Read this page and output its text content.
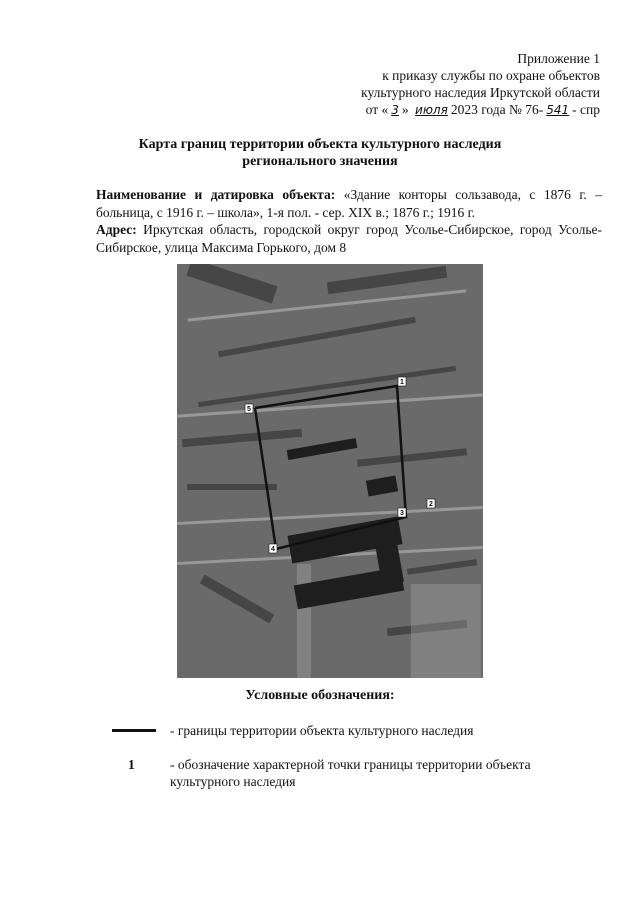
Приложение 1
к приказу службы по охране объектов
культурного наследия Иркутской области
от « 3 » июля 2023 года № 76- 541 - спр
Карта границ территории объекта культурного наследия
регионального значения
Наименование и датировка объекта: «Здание конторы сользавода, с 1876 г. – больница, с 1916 г. – школа», 1-я пол. - сер. XIX в.; 1876 г.; 1916 г.
Адрес: Иркутская область, городской округ город Усолье-Сибирское, город Усолье-Сибирское, улица Максима Горького, дом 8
1
2
3
4
5
Условные обозначения:
- границы территории объекта культурного наследия
1	- обозначение характерной точки границы территории объекта культурного наследия
